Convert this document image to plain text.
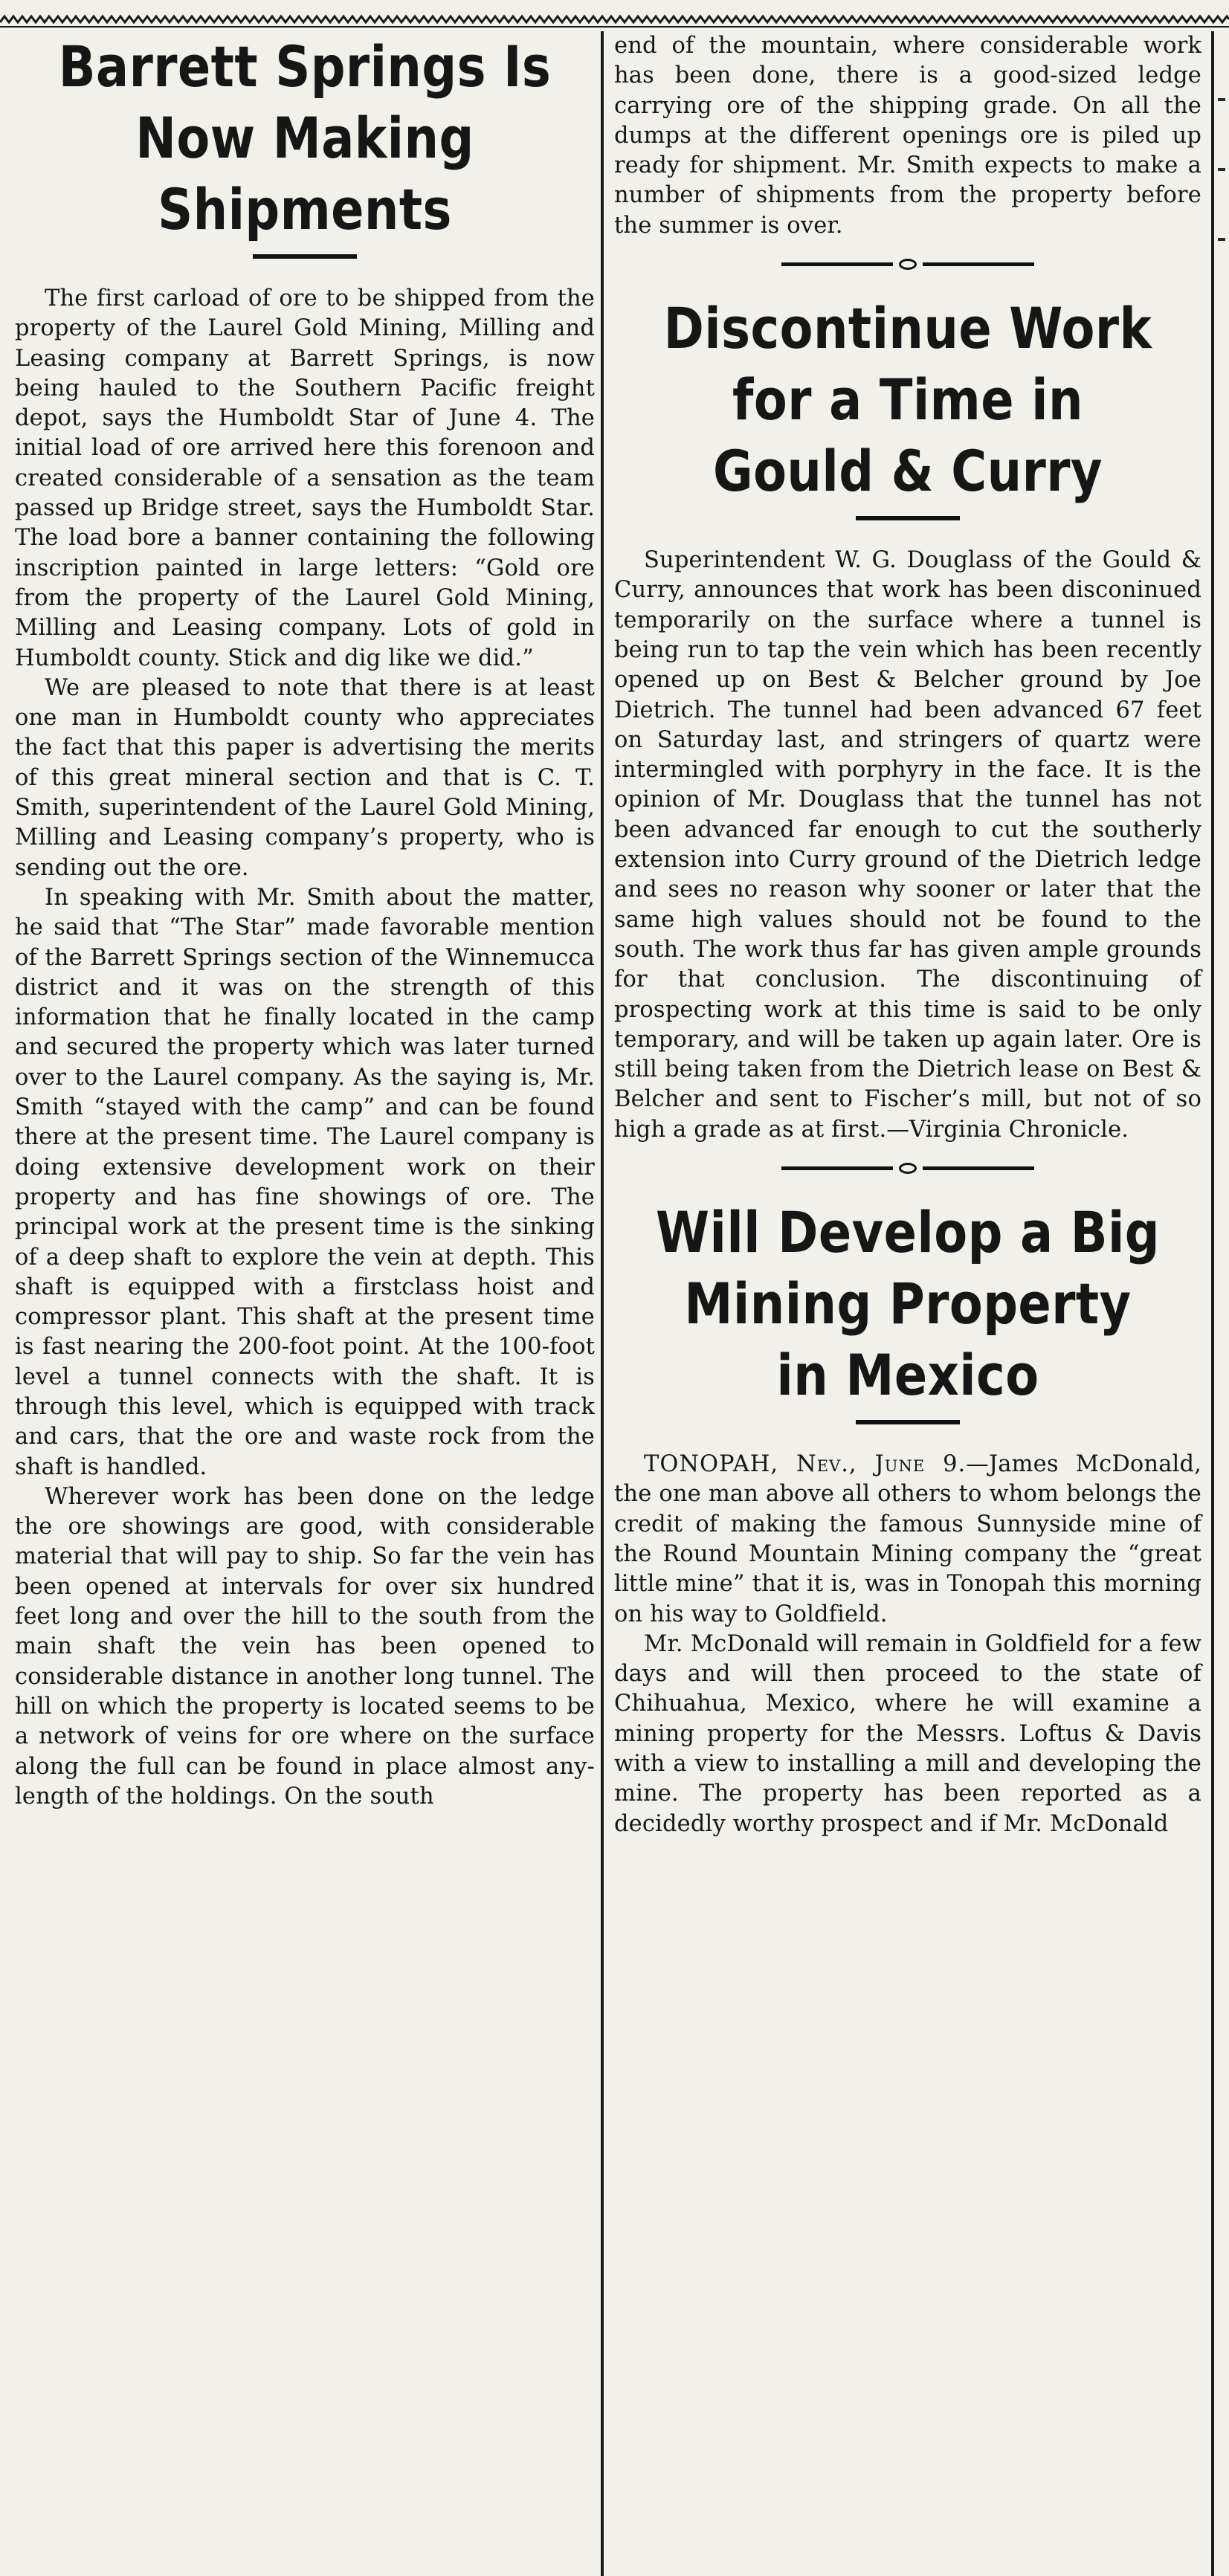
Barrett Springs Is
Now Making
Shipments

The first carload of ore to be shipped from the property of the Laurel Gold Mining, Milling and Leasing company at Barrett Springs, is now being hauled to the Southern Pacific freight depot, says the Humboldt Star of June 4. The initial load of ore arrived here this forenoon and created considerable of a sensation as the team passed up Bridge street, says the Humboldt Star. The load bore a banner containing the following inscription painted in large letters: “Gold ore from the property of the Laurel Gold Mining, Milling and Leasing company. Lots of gold in Humboldt county. Stick and dig like we did.”

We are pleased to note that there is at least one man in Humboldt county who appreciates the fact that this paper is advertising the merits of this great mineral section and that is C. T. Smith, superintendent of the Laurel Gold Mining, Milling and Leasing company’s property, who is sending out the ore.

In speaking with Mr. Smith about the matter, he said that “The Star” made favorable mention of the Barrett Springs section of the Winnemucca district and it was on the strength of this information that he finally located in the camp and secured the property which was later turned over to the Laurel company. As the saying is, Mr. Smith “stayed with the camp” and can be found there at the present time. The Laurel company is doing extensive development work on their property and has fine showings of ore. The principal work at the present time is the sinking of a deep shaft to explore the vein at depth. This shaft is equipped with a firstclass hoist and compressor plant. This shaft at the present time is fast nearing the 200-foot point. At the 100-foot level a tunnel connects with the shaft. It is through this level, which is equipped with track and cars, that the ore and waste rock from the shaft is handled.

Wherever work has been done on the ledge the ore showings are good, with considerable material that will pay to ship. So far the vein has been opened at intervals for over six hundred feet long and over the hill to the south from the main shaft the vein has been opened to considerable distance in another long tunnel. The hill on which the property is located seems to be a network of veins for ore where on the surface along the full can be found in place almost any-length of the holdings. On the south

end of the mountain, where considerable work has been done, there is a good-sized ledge carrying ore of the shipping grade. On all the dumps at the different openings ore is piled up ready for shipment. Mr. Smith expects to make a number of shipments from the property before the summer is over.

Discontinue Work
for a Time in
Gould & Curry

Superintendent W. G. Douglass of the Gould & Curry, announces that work has been disconinued temporarily on the surface where a tunnel is being run to tap the vein which has been recently opened up on Best & Belcher ground by Joe Dietrich. The tunnel had been advanced 67 feet on Saturday last, and stringers of quartz were intermingled with porphyry in the face. It is the opinion of Mr. Douglass that the tunnel has not been advanced far enough to cut the southerly extension into Curry ground of the Dietrich ledge and sees no reason why sooner or later that the same high values should not be found to the south. The work thus far has given ample grounds for that conclusion. The discontinuing of prospecting work at this time is said to be only temporary, and will be taken up again later. Ore is still being taken from the Dietrich lease on Best & Belcher and sent to Fischer’s mill, but not of so high a grade as at first.—Virginia Chronicle.

Will Develop a Big
Mining Property
in Mexico

TONOPAH, Nev., June 9.—James McDonald, the one man above all others to whom belongs the credit of making the famous Sunnyside mine of the Round Mountain Mining company the “great little mine” that it is, was in Tonopah this morning on his way to Goldfield.

Mr. McDonald will remain in Goldfield for a few days and will then proceed to the state of Chihuahua, Mexico, where he will examine a mining property for the Messrs. Loftus & Davis with a view to installing a mill and developing the mine. The property has been reported as a decidedly worthy prospect and if Mr. McDonald
